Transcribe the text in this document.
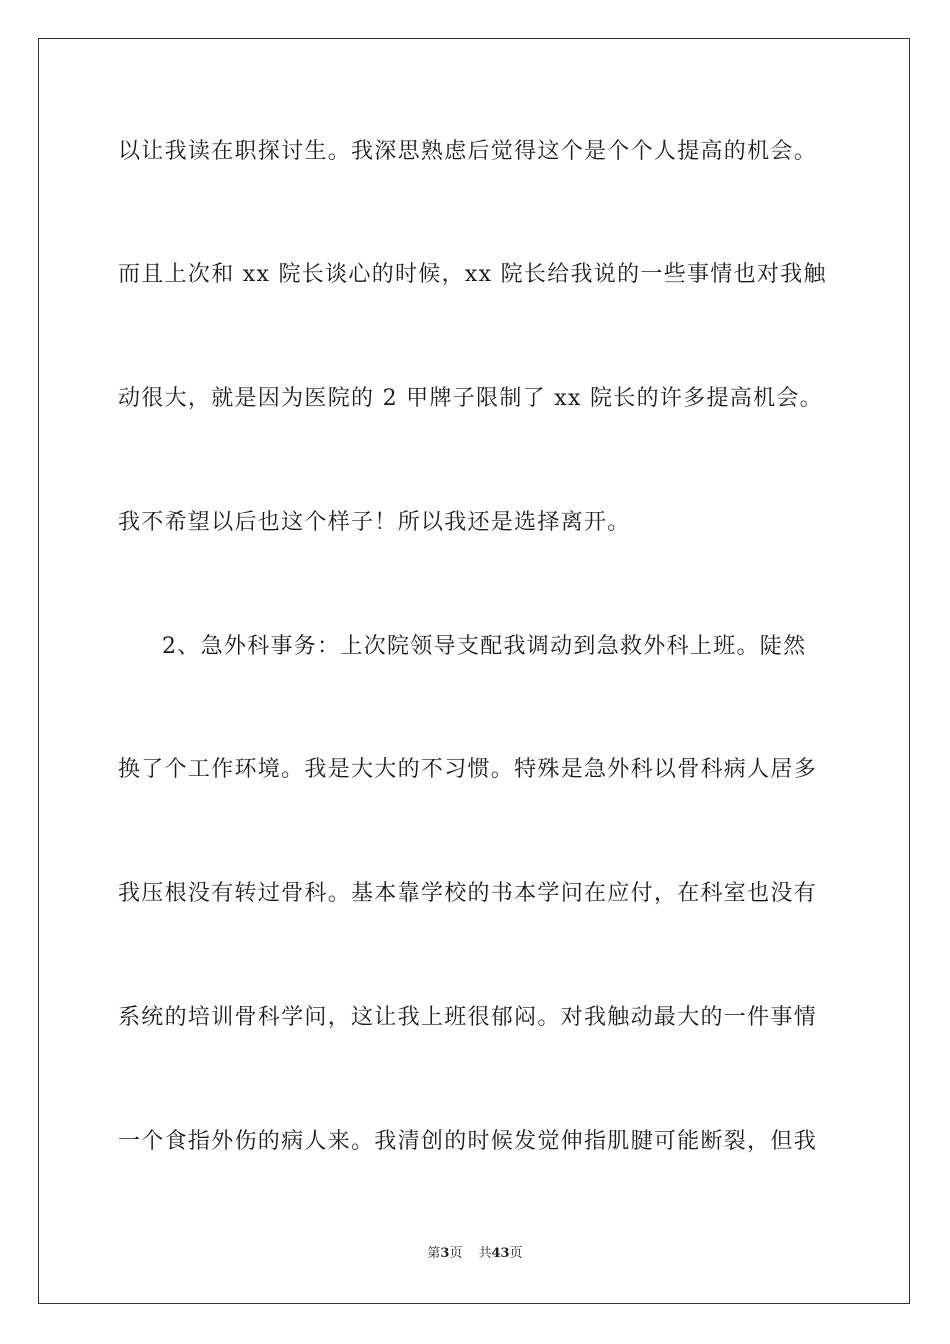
以让我读在职探讨生。我深思熟虑后觉得这个是个个人提高的机会。
而且上次和 xx 院长谈心的时候，xx 院长给我说的一些事情也对我触
动很大，就是因为医院的 2 甲牌子限制了 xx 院长的许多提高机会。
我不希望以后也这个样子！所以我还是选择离开。
2、急外科事务：上次院领导支配我调动到急救外科上班。陡然
换了个工作环境。我是大大的不习惯。特殊是急外科以骨科病人居多
我压根没有转过骨科。基本靠学校的书本学问在应付，在科室也没有
系统的培训骨科学问，这让我上班很郁闷。对我触动最大的一件事情
一个食指外伤的病人来。我清创的时候发觉伸指肌腱可能断裂，但我
第3页 共43页
